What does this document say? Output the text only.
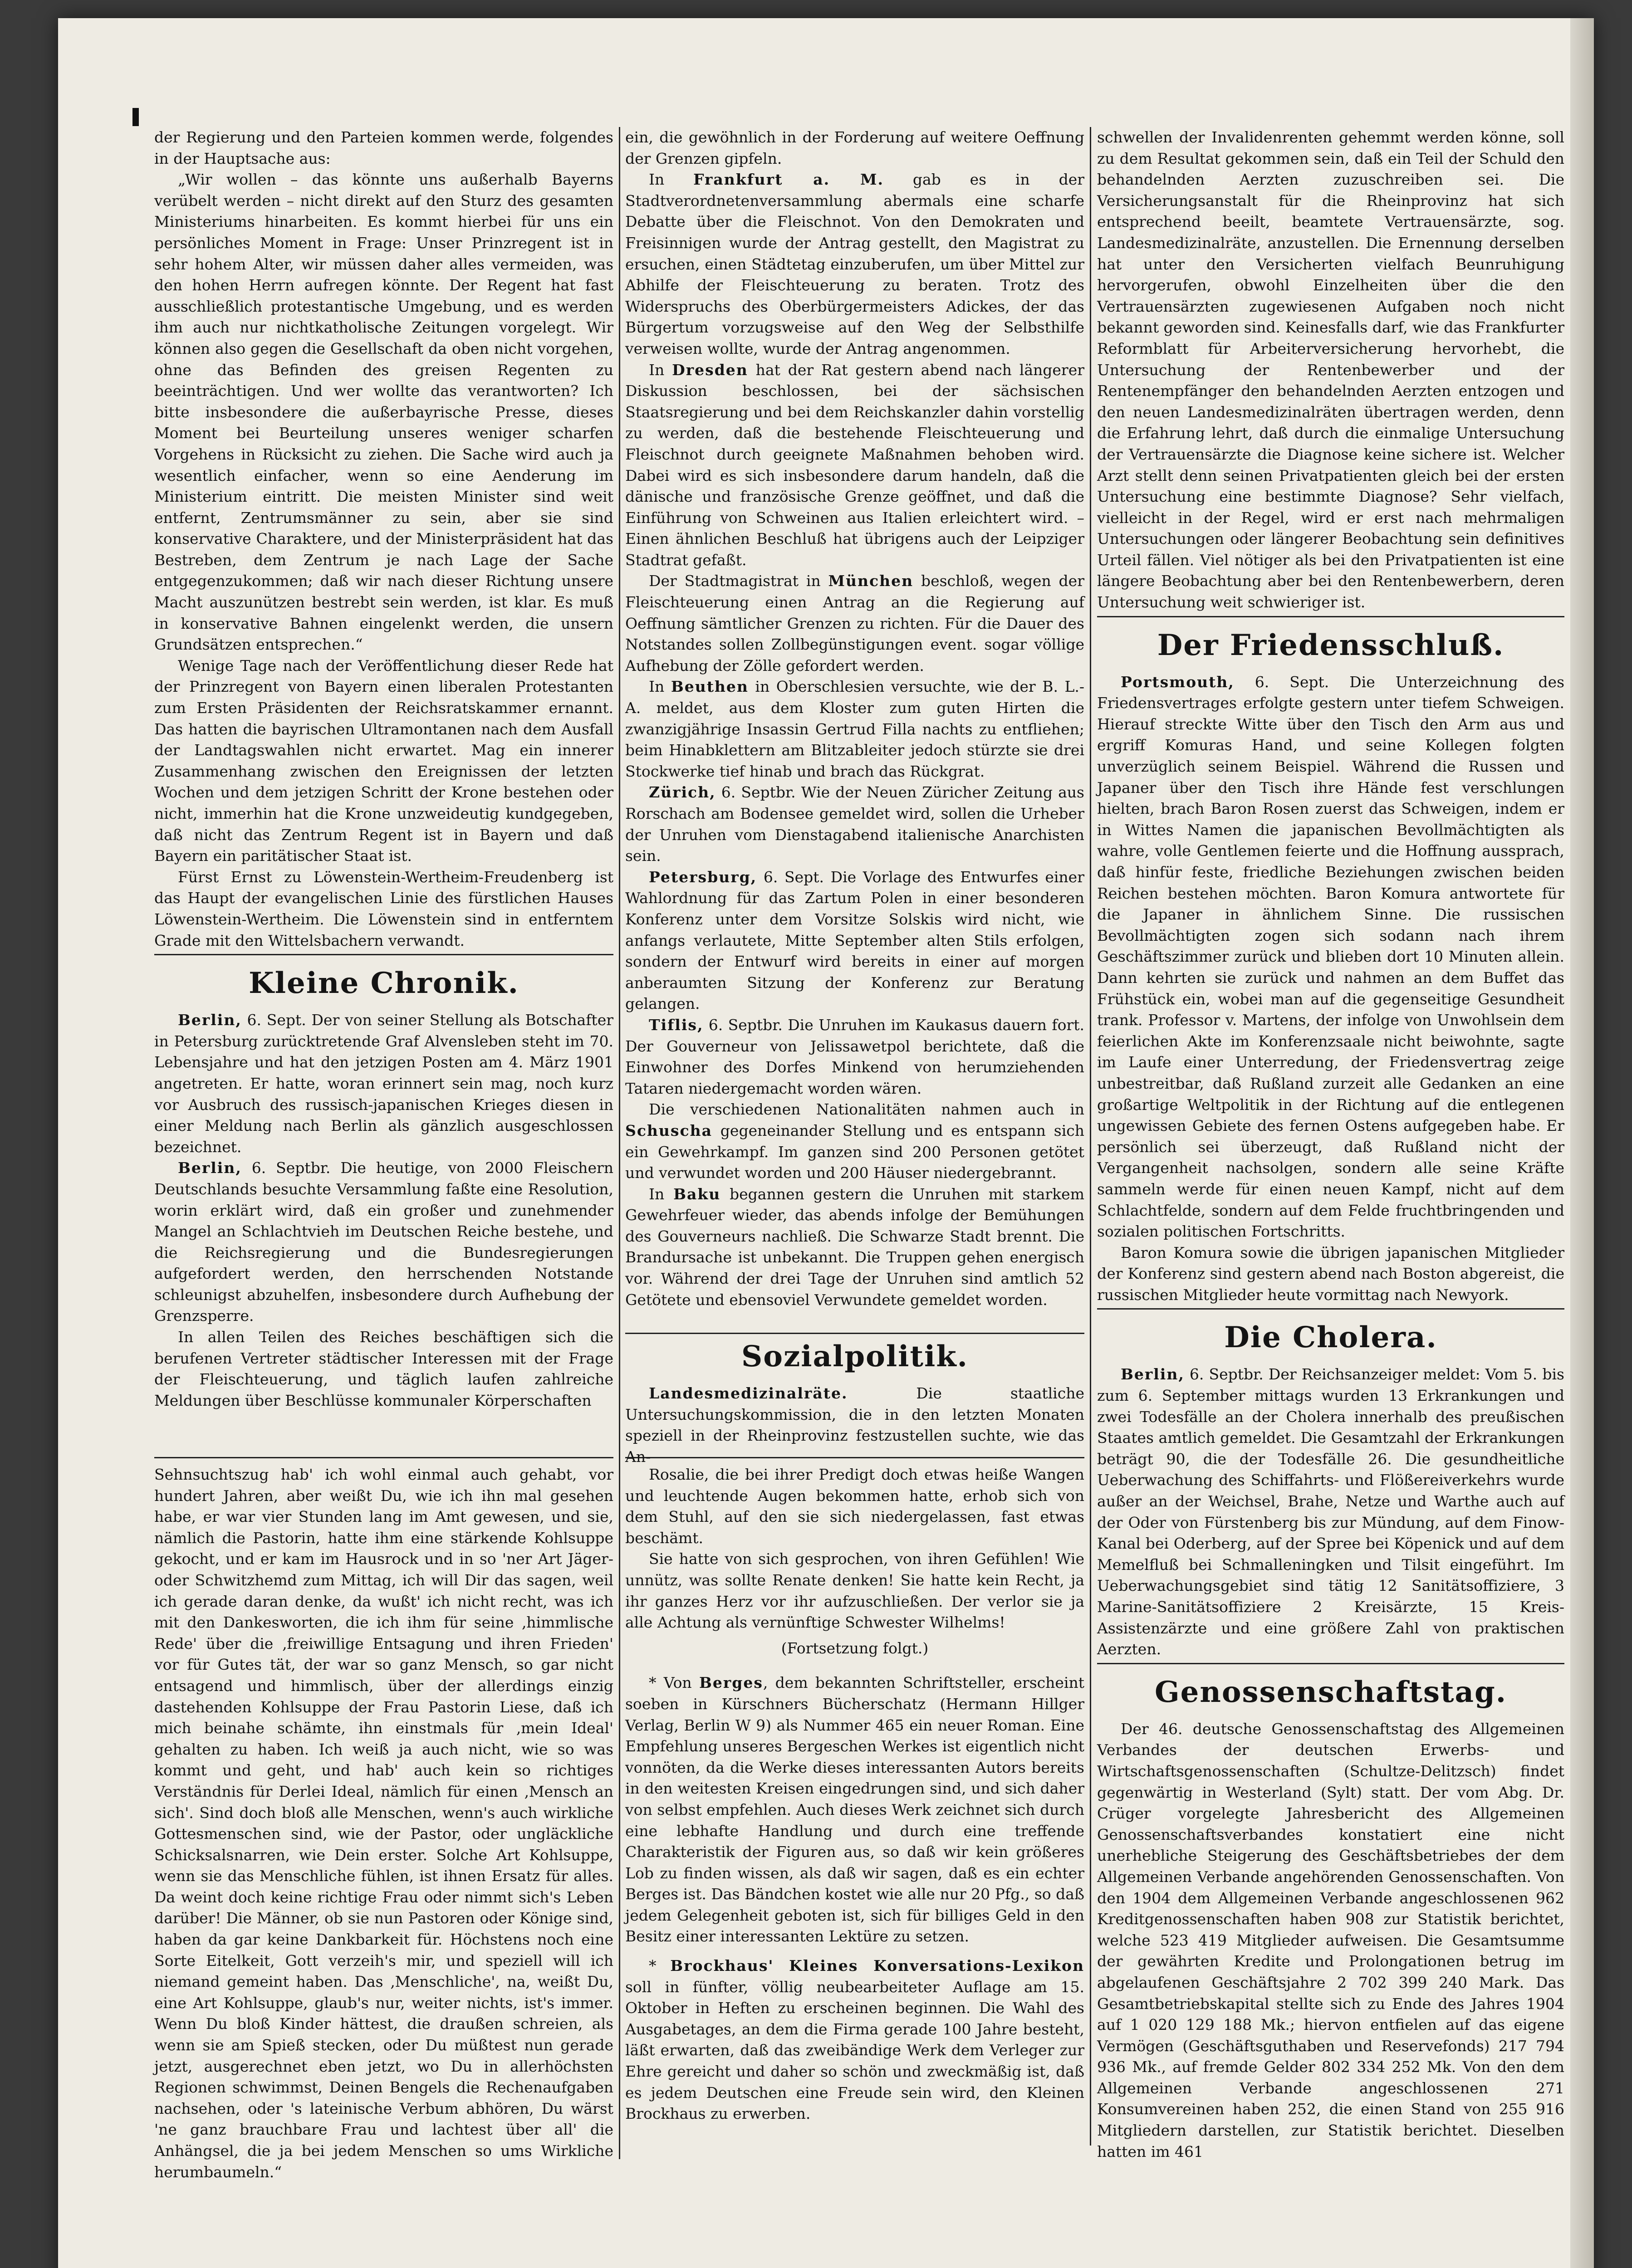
der Regierung und den Parteien kommen werde, folgendes in der Hauptsache aus:

„Wir wollen – das könnte uns außerhalb Bayerns verübelt werden – nicht direkt auf den Sturz des gesamten Ministeriums hinarbeiten. Es kommt hierbei für uns ein persönliches Moment in Frage: Unser Prinzregent ist in sehr hohem Alter, wir müssen daher alles vermeiden, was den hohen Herrn aufregen könnte. Der Regent hat fast ausschließlich protestantische Umgebung, und es werden ihm auch nur nichtkatholische Zeitungen vorgelegt. Wir können also gegen die Gesellschaft da oben nicht vorgehen, ohne das Befinden des greisen Regenten zu beeinträchtigen. Und wer wollte das verantworten? Ich bitte insbesondere die außerbayrische Presse, dieses Moment bei Beurteilung unseres weniger scharfen Vorgehens in Rücksicht zu ziehen. Die Sache wird auch ja wesentlich einfacher, wenn so eine Aenderung im Ministerium eintritt. Die meisten Minister sind weit entfernt, Zentrumsmänner zu sein, aber sie sind konservative Charaktere, und der Ministerpräsident hat das Bestreben, dem Zentrum je nach Lage der Sache entgegenzukommen; daß wir nach dieser Richtung unsere Macht auszunützen bestrebt sein werden, ist klar. Es muß in konservative Bahnen eingelenkt werden, die unsern Grundsätzen entsprechen.“

Wenige Tage nach der Veröffentlichung dieser Rede hat der Prinzregent von Bayern einen liberalen Protestanten zum Ersten Präsidenten der Reichsratskammer ernannt. Das hatten die bayrischen Ultramontanen nach dem Ausfall der Landtagswahlen nicht erwartet. Mag ein innerer Zusammenhang zwischen den Ereignissen der letzten Wochen und dem jetzigen Schritt der Krone bestehen oder nicht, immerhin hat die Krone unzweideutig kundgegeben, daß nicht das Zentrum Regent ist in Bayern und daß Bayern ein paritätischer Staat ist.

Fürst Ernst zu Löwenstein-Wertheim-Freudenberg ist das Haupt der evangelischen Linie des fürstlichen Hauses Löwenstein-Wertheim. Die Löwenstein sind in entferntem Grade mit den Wittelsbachern verwandt.

Kleine Chronik.

Berlin, 6. Sept. Der von seiner Stellung als Botschafter in Petersburg zurücktretende Graf Alvensleben steht im 70. Lebensjahre und hat den jetzigen Posten am 4. März 1901 angetreten. Er hatte, woran erinnert sein mag, noch kurz vor Ausbruch des russisch-japanischen Krieges diesen in einer Meldung nach Berlin als gänzlich ausgeschlossen bezeichnet.

Berlin, 6. Septbr. Die heutige, von 2000 Fleischern Deutschlands besuchte Versammlung faßte eine Resolution, worin erklärt wird, daß ein großer und zunehmender Mangel an Schlachtvieh im Deutschen Reiche bestehe, und die Reichsregierung und die Bundesregierungen aufgefordert werden, den herrschenden Notstande schleunigst abzuhelfen, insbesondere durch Aufhebung der Grenzsperre.

In allen Teilen des Reiches beschäftigen sich die berufenen Vertreter städtischer Interessen mit der Frage der Fleischteuerung, und täglich laufen zahlreiche Meldungen über Beschlüsse kommunaler Körperschaften

ein, die gewöhnlich in der Forderung auf weitere Oeffnung der Grenzen gipfeln.

In Frankfurt a. M. gab es in der Stadtverordnetenversammlung abermals eine scharfe Debatte über die Fleischnot. Von den Demokraten und Freisinnigen wurde der Antrag gestellt, den Magistrat zu ersuchen, einen Städtetag einzuberufen, um über Mittel zur Abhilfe der Fleischteuerung zu beraten. Trotz des Widerspruchs des Oberbürgermeisters Adickes, der das Bürgertum vorzugsweise auf den Weg der Selbsthilfe verweisen wollte, wurde der Antrag angenommen.

In Dresden hat der Rat gestern abend nach längerer Diskussion beschlossen, bei der sächsischen Staatsregierung und bei dem Reichskanzler dahin vorstellig zu werden, daß die bestehende Fleischteuerung und Fleischnot durch geeignete Maßnahmen behoben wird. Dabei wird es sich insbesondere darum handeln, daß die dänische und französische Grenze geöffnet, und daß die Einführung von Schweinen aus Italien erleichtert wird. – Einen ähnlichen Beschluß hat übrigens auch der Leipziger Stadtrat gefaßt.

Der Stadtmagistrat in München beschloß, wegen der Fleischteuerung einen Antrag an die Regierung auf Oeffnung sämtlicher Grenzen zu richten. Für die Dauer des Notstandes sollen Zollbegünstigungen event. sogar völlige Aufhebung der Zölle gefordert werden.

In Beuthen in Oberschlesien versuchte, wie der B. L.-A. meldet, aus dem Kloster zum guten Hirten die zwanzigjährige Insassin Gertrud Filla nachts zu entfliehen; beim Hinabklettern am Blitzableiter jedoch stürzte sie drei Stockwerke tief hinab und brach das Rückgrat.

Zürich, 6. Septbr. Wie der Neuen Züricher Zeitung aus Rorschach am Bodensee gemeldet wird, sollen die Urheber der Unruhen vom Dienstagabend italienische Anarchisten sein.

Petersburg, 6. Sept. Die Vorlage des Entwurfes einer Wahlordnung für das Zartum Polen in einer besonderen Konferenz unter dem Vorsitze Solskis wird nicht, wie anfangs verlautete, Mitte September alten Stils erfolgen, sondern der Entwurf wird bereits in einer auf morgen anberaumten Sitzung der Konferenz zur Beratung gelangen.

Tiflis, 6. Septbr. Die Unruhen im Kaukasus dauern fort. Der Gouverneur von Jelissawetpol berichtete, daß die Einwohner des Dorfes Minkend von herumziehenden Tataren niedergemacht worden wären.

Die verschiedenen Nationalitäten nahmen auch in Schuscha gegeneinander Stellung und es entspann sich ein Gewehrkampf. Im ganzen sind 200 Personen getötet und verwundet worden und 200 Häuser niedergebrannt.

In Baku begannen gestern die Unruhen mit starkem Gewehrfeuer wieder, das abends infolge der Bemühungen des Gouverneurs nachließ. Die Schwarze Stadt brennt. Die Brandursache ist unbekannt. Die Truppen gehen energisch vor. Während der drei Tage der Unruhen sind amtlich 52 Getötete und ebensoviel Verwundete gemeldet worden.

Sozialpolitik.

Landesmedizinalräte. Die staatliche Untersuchungskommission, die in den letzten Monaten speziell in der Rheinprovinz festzustellen suchte, wie das An-

schwellen der Invalidenrenten gehemmt werden könne, soll zu dem Resultat gekommen sein, daß ein Teil der Schuld den behandelnden Aerzten zuzuschreiben sei. Die Versicherungsanstalt für die Rheinprovinz hat sich entsprechend beeilt, beamtete Vertrauensärzte, sog. Landesmedizinalräte, anzustellen. Die Ernennung derselben hat unter den Versicherten vielfach Beunruhigung hervorgerufen, obwohl Einzelheiten über die den Vertrauensärzten zugewiesenen Aufgaben noch nicht bekannt geworden sind. Keinesfalls darf, wie das Frankfurter Reformblatt für Arbeiterversicherung hervorhebt, die Untersuchung der Rentenbewerber und der Rentenempfänger den behandelnden Aerzten entzogen und den neuen Landesmedizinalräten übertragen werden, denn die Erfahrung lehrt, daß durch die einmalige Untersuchung der Vertrauensärzte die Diagnose keine sichere ist. Welcher Arzt stellt denn seinen Privatpatienten gleich bei der ersten Untersuchung eine bestimmte Diagnose? Sehr vielfach, vielleicht in der Regel, wird er erst nach mehrmaligen Untersuchungen oder längerer Beobachtung sein definitives Urteil fällen. Viel nötiger als bei den Privatpatienten ist eine längere Beobachtung aber bei den Rentenbewerbern, deren Untersuchung weit schwieriger ist.

Der Friedensschluß.

Portsmouth, 6. Sept. Die Unterzeichnung des Friedensvertrages erfolgte gestern unter tiefem Schweigen. Hierauf streckte Witte über den Tisch den Arm aus und ergriff Komuras Hand, und seine Kollegen folgten unverzüglich seinem Beispiel. Während die Russen und Japaner über den Tisch ihre Hände fest verschlungen hielten, brach Baron Rosen zuerst das Schweigen, indem er in Wittes Namen die japanischen Bevollmächtigten als wahre, volle Gentlemen feierte und die Hoffnung aussprach, daß hinfür feste, friedliche Beziehungen zwischen beiden Reichen bestehen möchten. Baron Komura antwortete für die Japaner in ähnlichem Sinne. Die russischen Bevollmächtigten zogen sich sodann nach ihrem Geschäftszimmer zurück und blieben dort 10 Minuten allein. Dann kehrten sie zurück und nahmen an dem Buffet das Frühstück ein, wobei man auf die gegenseitige Gesundheit trank. Professor v. Martens, der infolge von Unwohlsein dem feierlichen Akte im Konferenzsaale nicht beiwohnte, sagte im Laufe einer Unterredung, der Friedensvertrag zeige unbestreitbar, daß Rußland zurzeit alle Gedanken an eine großartige Weltpolitik in der Richtung auf die entlegenen ungewissen Gebiete des fernen Ostens aufgegeben habe. Er persönlich sei überzeugt, daß Rußland nicht der Vergangenheit nachsolgen, sondern alle seine Kräfte sammeln werde für einen neuen Kampf, nicht auf dem Schlachtfelde, sondern auf dem Felde fruchtbringenden und sozialen politischen Fortschritts.

Baron Komura sowie die übrigen japanischen Mitglieder der Konferenz sind gestern abend nach Boston abgereist, die russischen Mitglieder heute vormittag nach Newyork.

Die Cholera.

Berlin, 6. Septbr. Der Reichsanzeiger meldet: Vom 5. bis zum 6. September mittags wurden 13 Erkrankungen und zwei Todesfälle an der Cholera innerhalb des preußischen Staates amtlich gemeldet. Die Gesamtzahl der Erkrankungen beträgt 90, die der Todesfälle 26. Die gesundheitliche Ueberwachung des Schiffahrts- und Flößereiverkehrs wurde außer an der Weichsel, Brahe, Netze und Warthe auch auf der Oder von Fürstenberg bis zur Mündung, auf dem Finow-Kanal bei Oderberg, auf der Spree bei Köpenick und auf dem Memelfluß bei Schmalleningken und Tilsit eingeführt. Im Ueberwachungsgebiet sind tätig 12 Sanitätsoffiziere, 3 Marine-Sanitätsoffiziere 2 Kreisärzte, 15 Kreis-Assistenzärzte und eine größere Zahl von praktischen Aerzten.

Genossenschaftstag.

Der 46. deutsche Genossenschaftstag des Allgemeinen Verbandes der deutschen Erwerbs- und Wirtschaftsgenossenschaften (Schultze-Delitzsch) findet gegenwärtig in Westerland (Sylt) statt. Der vom Abg. Dr. Crüger vorgelegte Jahresbericht des Allgemeinen Genossenschaftsverbandes konstatiert eine nicht unerhebliche Steigerung des Geschäftsbetriebes der dem Allgemeinen Verbande angehörenden Genossenschaften. Von den 1904 dem Allgemeinen Verbande angeschlossenen 962 Kreditgenossenschaften haben 908 zur Statistik berichtet, welche 523 419 Mitglieder aufweisen. Die Gesamtsumme der gewährten Kredite und Prolongationen betrug im abgelaufenen Geschäftsjahre 2 702 399 240 Mark. Das Gesamtbetriebskapital stellte sich zu Ende des Jahres 1904 auf 1 020 129 188 Mk.; hiervon entfielen auf das eigene Vermögen (Geschäftsguthaben und Reservefonds) 217 794 936 Mk., auf fremde Gelder 802 334 252 Mk. Von den dem Allgemeinen Verbande angeschlossenen 271 Konsumvereinen haben 252, die einen Stand von 255 916 Mitgliedern darstellen, zur Statistik berichtet. Dieselben hatten im 461

Sehnsuchtszug hab' ich wohl einmal auch gehabt, vor hundert Jahren, aber weißt Du, wie ich ihn mal gesehen habe, er war vier Stunden lang im Amt gewesen, und sie, nämlich die Pastorin, hatte ihm eine stärkende Kohlsuppe gekocht, und er kam im Hausrock und in so 'ner Art Jäger- oder Schwitzhemd zum Mittag, ich will Dir das sagen, weil ich gerade daran denke, da wußt' ich nicht recht, was ich mit den Dankesworten, die ich ihm für seine ‚himmlische Rede' über die ‚freiwillige Entsagung und ihren Frieden' vor für Gutes tät, der war so ganz Mensch, so gar nicht entsagend und himmlisch, über der allerdings einzig dastehenden Kohlsuppe der Frau Pastorin Liese, daß ich mich beinahe schämte, ihn einstmals für ‚mein Ideal' gehalten zu haben. Ich weiß ja auch nicht, wie so was kommt und geht, und hab' auch kein so richtiges Verständnis für Derlei Ideal, nämlich für einen ‚Mensch an sich'. Sind doch bloß alle Menschen, wenn's auch wirkliche Gottesmenschen sind, wie der Pastor, oder ungläckliche Schicksalsnarren, wie Dein erster. Solche Art Kohlsuppe, wenn sie das Menschliche fühlen, ist ihnen Ersatz für alles. Da weint doch keine richtige Frau oder nimmt sich's Leben darüber! Die Männer, ob sie nun Pastoren oder Könige sind, haben da gar keine Dankbarkeit für. Höchstens noch eine Sorte Eitelkeit, Gott verzeih's mir, und speziell will ich niemand gemeint haben. Das ‚Menschliche', na, weißt Du, eine Art Kohlsuppe, glaub's nur, weiter nichts, ist's immer. Wenn Du bloß Kinder hättest, die draußen schreien, als wenn sie am Spieß stecken, oder Du müßtest nun gerade jetzt, ausgerechnet eben jetzt, wo Du in allerhöchsten Regionen schwimmst, Deinen Bengels die Rechenaufgaben nachsehen, oder 's lateinische Verbum abhören, Du wärst 'ne ganz brauchbare Frau und lachtest über all' die Anhängsel, die ja bei jedem Menschen so ums Wirkliche herumbaumeln.“

Rosalie, die bei ihrer Predigt doch etwas heiße Wangen und leuchtende Augen bekommen hatte, erhob sich von dem Stuhl, auf den sie sich niedergelassen, fast etwas beschämt.

Sie hatte von sich gesprochen, von ihren Gefühlen! Wie unnütz, was sollte Renate denken! Sie hatte kein Recht, ja ihr ganzes Herz vor ihr aufzuschließen. Der verlor sie ja alle Achtung als vernünftige Schwester Wilhelms!

(Fortsetzung folgt.)

* Von Berges, dem bekannten Schriftsteller, erscheint soeben in Kürschners Bücherschatz (Hermann Hillger Verlag, Berlin W 9) als Nummer 465 ein neuer Roman. Eine Empfehlung unseres Bergeschen Werkes ist eigentlich nicht vonnöten, da die Werke dieses interessanten Autors bereits in den weitesten Kreisen eingedrungen sind, und sich daher von selbst empfehlen. Auch dieses Werk zeichnet sich durch eine lebhafte Handlung und durch eine treffende Charakteristik der Figuren aus, so daß wir kein größeres Lob zu finden wissen, als daß wir sagen, daß es ein echter Berges ist. Das Bändchen kostet wie alle nur 20 Pfg., so daß jedem Gelegenheit geboten ist, sich für billiges Geld in den Besitz einer interessanten Lektüre zu setzen.

* Brockhaus' Kleines Konversations-Lexikon soll in fünfter, völlig neubearbeiteter Auflage am 15. Oktober in Heften zu erscheinen beginnen. Die Wahl des Ausgabetages, an dem die Firma gerade 100 Jahre besteht, läßt erwarten, daß das zweibändige Werk dem Verleger zur Ehre gereicht und daher so schön und zweckmäßig ist, daß es jedem Deutschen eine Freude sein wird, den Kleinen Brockhaus zu erwerben.
